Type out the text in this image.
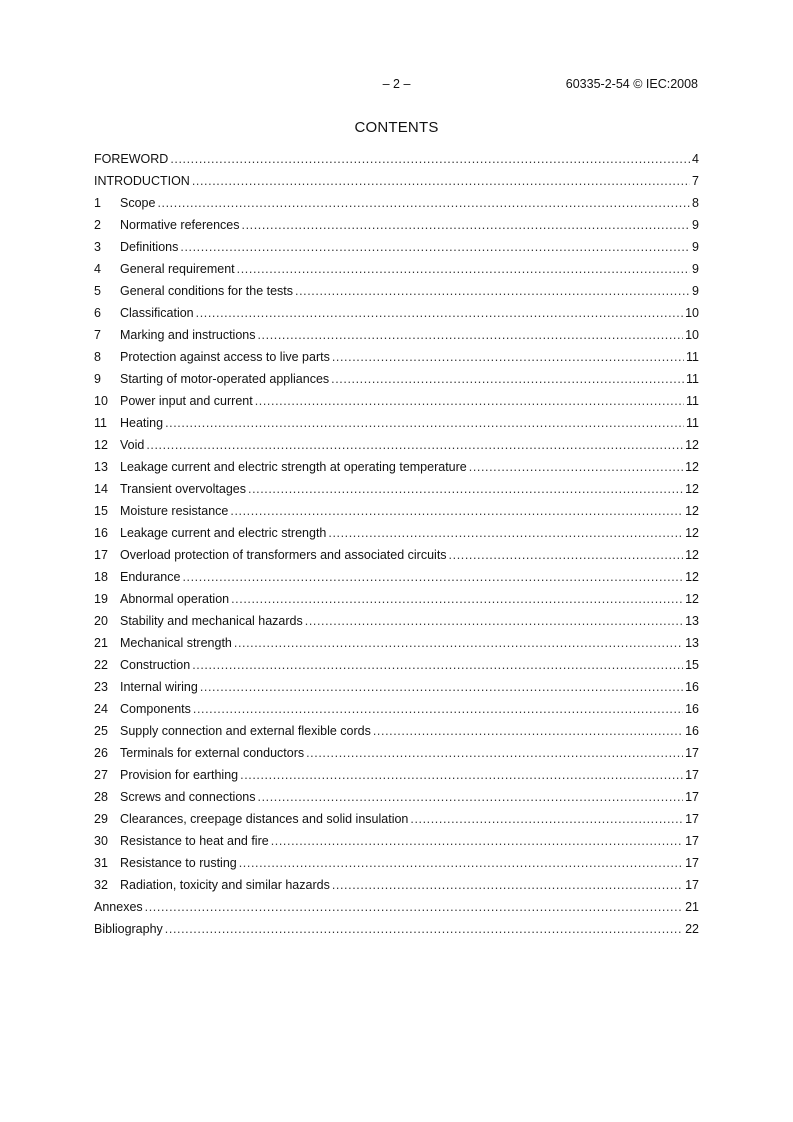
– 2 –	60335-2-54 © IEC:2008
CONTENTS
FOREWORD .....	4
INTRODUCTION .....	7
1	Scope .....	8
2	Normative references .....	9
3	Definitions .....	9
4	General requirement .....	9
5	General conditions for the tests .....	9
6	Classification .....	10
7	Marking and instructions .....	10
8	Protection against access to live parts .....	11
9	Starting of motor-operated appliances .....	11
10 Power input and current .....	11
11	Heating .....	11
12 Void .....	12
13 Leakage current and electric strength at operating temperature .....	12
14 Transient overvoltages .....	12
15 Moisture resistance .....	12
16 Leakage current and electric strength .....	12
17 Overload protection of transformers and associated circuits .....	12
18 Endurance .....	12
19 Abnormal operation .....	12
20 Stability and mechanical hazards .....	13
21 Mechanical strength .....	13
22 Construction .....	15
23 Internal wiring .....	16
24 Components .....	16
25 Supply connection and external flexible cords .....	16
26 Terminals for external conductors .....	17
27 Provision for earthing .....	17
28 Screws and connections .....	17
29 Clearances, creepage distances and solid insulation .....	17
30 Resistance to heat and fire .....	17
31 Resistance to rusting .....	17
32 Radiation, toxicity and similar hazards .....	17
Annexes .....	21
Bibliography .....	22
